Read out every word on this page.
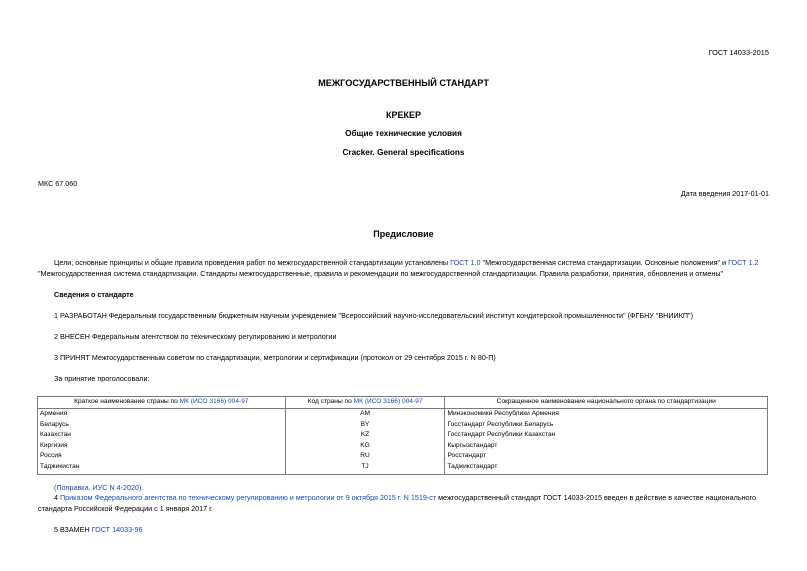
ГОСТ 14033-2015
МЕЖГОСУДАРСТВЕННЫЙ СТАНДАРТ
КРЕКЕР
Общие технические условия
Cracker. General specifications
МКС 67.060
Дата введения 2017-01-01
Предисловие
Цели, основные принципы и общие правила проведения работ по межгосударственной стандартизации установлены ГОСТ 1.0 "Межгосударственная система стандартизации. Основные положения" и ГОСТ 1.2 "Межгосударственная система стандартизации. Стандарты межгосударственные, правила и рекомендации по межгосударственной стандартизации. Правила разработки, принятия, обновления и отмены"
Сведения о стандарте
1 РАЗРАБОТАН Федеральным государственным бюджетным научным учреждением "Всероссийский научно-исследовательский институт кондитерской промышленности" (ФГБНУ "ВНИИКП")
2 ВНЕСЕН Федеральным агентством по техническому регулированию и метрологии
3 ПРИНЯТ Межгосударственным советом по стандартизации, метрологии и сертификации (протокол от 29 сентября 2015 г. N 80-П)
За принятие проголосовали:
Краткое наименование страны по МК (ИСО 3166) 004-97	Код страны по МК (ИСО 3166) 004-97	Сокращенное наименование национального органа по стандартизации
Армения	AM	Минэкономики Республики Армения
Беларусь	BY	Госстандарт Республики Беларусь
Казахстан	KZ	Госстандарт Республики Казахстан
Киргизия	KG	Кыргызстандарт
Россия	RU	Росстандарт
Таджикистан	TJ	Таджикстандарт
(Поправка. ИУС N 4-2020).
4 Приказом Федерального агентства по техническому регулированию и метрологии от 9 октября 2015 г. N 1519-ст межгосударственный стандарт ГОСТ 14033-2015 введен в действие в качестве национального стандарта Российской Федерации с 1 января 2017 г.
5 ВЗАМЕН ГОСТ 14033-96
